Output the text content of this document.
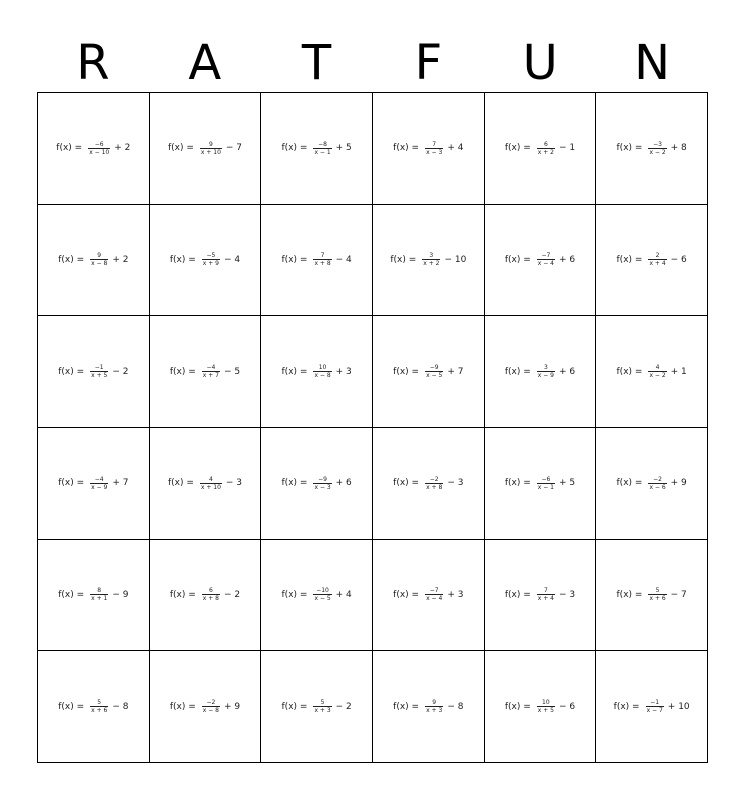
R	A	T	F	U	N
$f(x) = \frac{-6}{x - 10} + 2$	$f(x) = \frac{9}{x + 10} - 7$	$f(x) = \frac{-8}{x - 1} + 5$	$f(x) = \frac{7}{x - 3} + 4$	$f(x) = \frac{6}{x + 2} - 1$	$f(x) = \frac{-3}{x - 2} + 8$
$f(x) = \frac{9}{x - 8} + 2$	$f(x) = \frac{-5}{x + 9} - 4$	$f(x) = \frac{7}{x + 8} - 4$	$f(x) = \frac{3}{x + 2} - 10$	$f(x) = \frac{-7}{x - 4} + 6$	$f(x) = \frac{2}{x + 4} - 6$
$f(x) = \frac{-1}{x + 5} - 2$	$f(x) = \frac{-4}{x + 7} - 5$	$f(x) = \frac{10}{x - 8} + 3$	$f(x) = \frac{-9}{x - 5} + 7$	$f(x) = \frac{3}{x - 9} + 6$	$f(x) = \frac{4}{x - 2} + 1$
$f(x) = \frac{-4}{x - 9} + 7$	$f(x) = \frac{4}{x + 10} - 3$	$f(x) = \frac{-9}{x - 3} + 6$	$f(x) = \frac{-2}{x + 8} - 3$	$f(x) = \frac{-6}{x - 1} + 5$	$f(x) = \frac{-2}{x - 6} + 9$
$f(x) = \frac{8}{x + 1} - 9$	$f(x) = \frac{6}{x + 8} - 2$	$f(x) = \frac{-10}{x - 5} + 4$	$f(x) = \frac{-7}{x - 4} + 3$	$f(x) = \frac{7}{x + 4} - 3$	$f(x) = \frac{5}{x + 6} - 7$
$f(x) = \frac{5}{x + 6} - 8$	$f(x) = \frac{-2}{x - 8} + 9$	$f(x) = \frac{5}{x + 3} - 2$	$f(x) = \frac{9}{x + 3} - 8$	$f(x) = \frac{10}{x + 5} - 6$	$f(x) = \frac{-1}{x - 7} + 10$
